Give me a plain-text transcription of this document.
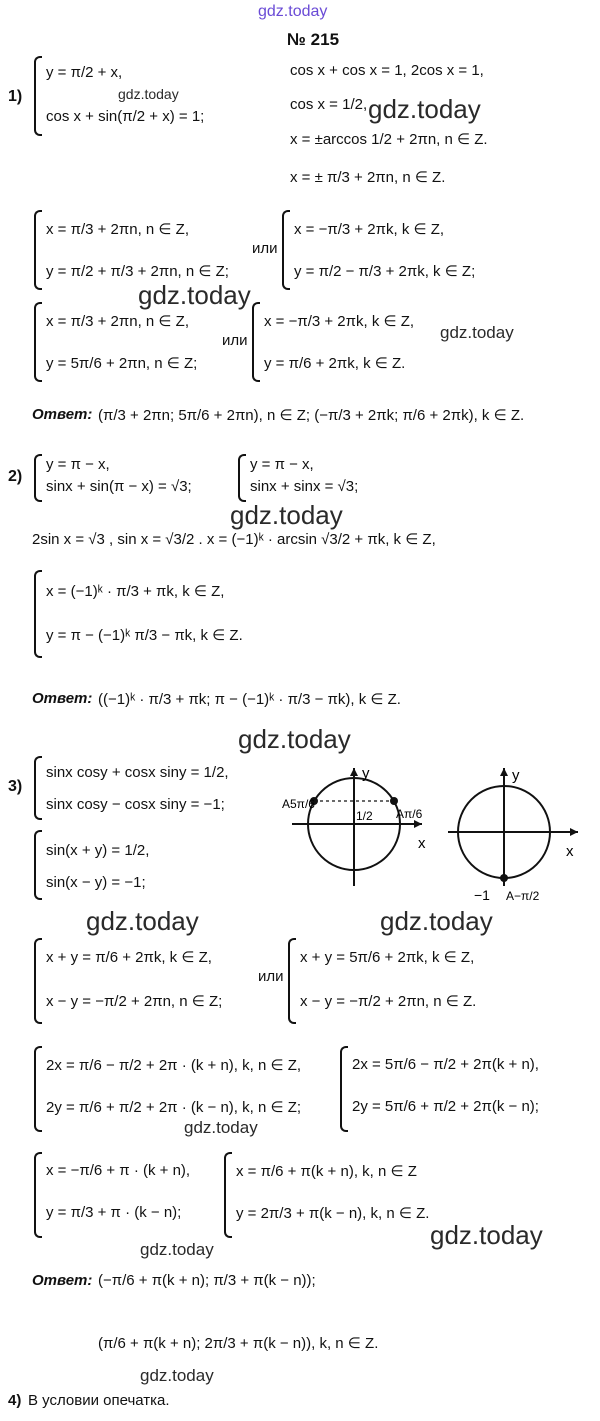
gdz.today
gdz.today	gdz.today
gdz.today
gdz.today
gdz.today
gdz.today
gdz.today	gdz.today
gdz.today
gdz.today
gdz.today
gdz.today
№ 215
1)
y = π/2 + x,
cos x + sin(π/2 + x) = 1;
cos x + cos x = 1, 2cos x = 1,
cos x = 1/2,
x = ±arccos 1/2 + 2πn, n ∈ Z.
x = ± π/3 + 2πn, n ∈ Z.
x = π/3 + 2πn, n ∈ Z,
y = π/2 + π/3 + 2πn, n ∈ Z;
или
x = −π/3 + 2πk, k ∈ Z,
y = π/2 − π/3 + 2πk, k ∈ Z;
x = π/3 + 2πn, n ∈ Z,
y = 5π/6 + 2πn, n ∈ Z;
или
x = −π/3 + 2πk, k ∈ Z,
y = π/6 + 2πk, k ∈ Z.
Ответ: (π/3 + 2πn; 5π/6 + 2πn), n ∈ Z; (−π/3 + 2πk; π/6 + 2πk), k ∈ Z.
2)
y = π − x,
sinx + sin(π − x) = √3;
y = π − x,
sinx + sinx = √3;
2sin x = √3 , sin x = √3/2 . x = (−1)ᵏ · arcsin √3/2 + πk, k ∈ Z,
x = (−1)ᵏ · π/3 + πk, k ∈ Z,
y = π − (−1)ᵏ π/3 − πk, k ∈ Z.
Ответ: ((−1)ᵏ · π/3 + πk; π − (−1)ᵏ · π/3 − πk), k ∈ Z.
3)
sinx cosy + cosx siny = 1/2,
sinx cosy − cosx siny = −1;
sin(x + y) = 1/2,
sin(x − y) = −1;
y
x
A5π/6
Aπ/6
1/2
y
x
−1 A−π/2
x + y = π/6 + 2πk, k ∈ Z,
x − y = −π/2 + 2πn, n ∈ Z;
или
x + y = 5π/6 + 2πk, k ∈ Z,
x − y = −π/2 + 2πn, n ∈ Z.
2x = π/6 − π/2 + 2π · (k + n), k, n ∈ Z,
2y = π/6 + π/2 + 2π · (k − n), k, n ∈ Z;
2x = 5π/6 − π/2 + 2π(k + n),
2y = 5π/6 + π/2 + 2π(k − n);
x = −π/6 + π · (k + n),
y = π/3 + π · (k − n);
x = π/6 + π(k + n), k, n ∈ Z
y = 2π/3 + π(k − n), k, n ∈ Z.
Ответ: (−π/6 + π(k + n); π/3 + π(k − n));
(π/6 + π(k + n); 2π/3 + π(k − n)), k, n ∈ Z.
4) В условии опечатка.
